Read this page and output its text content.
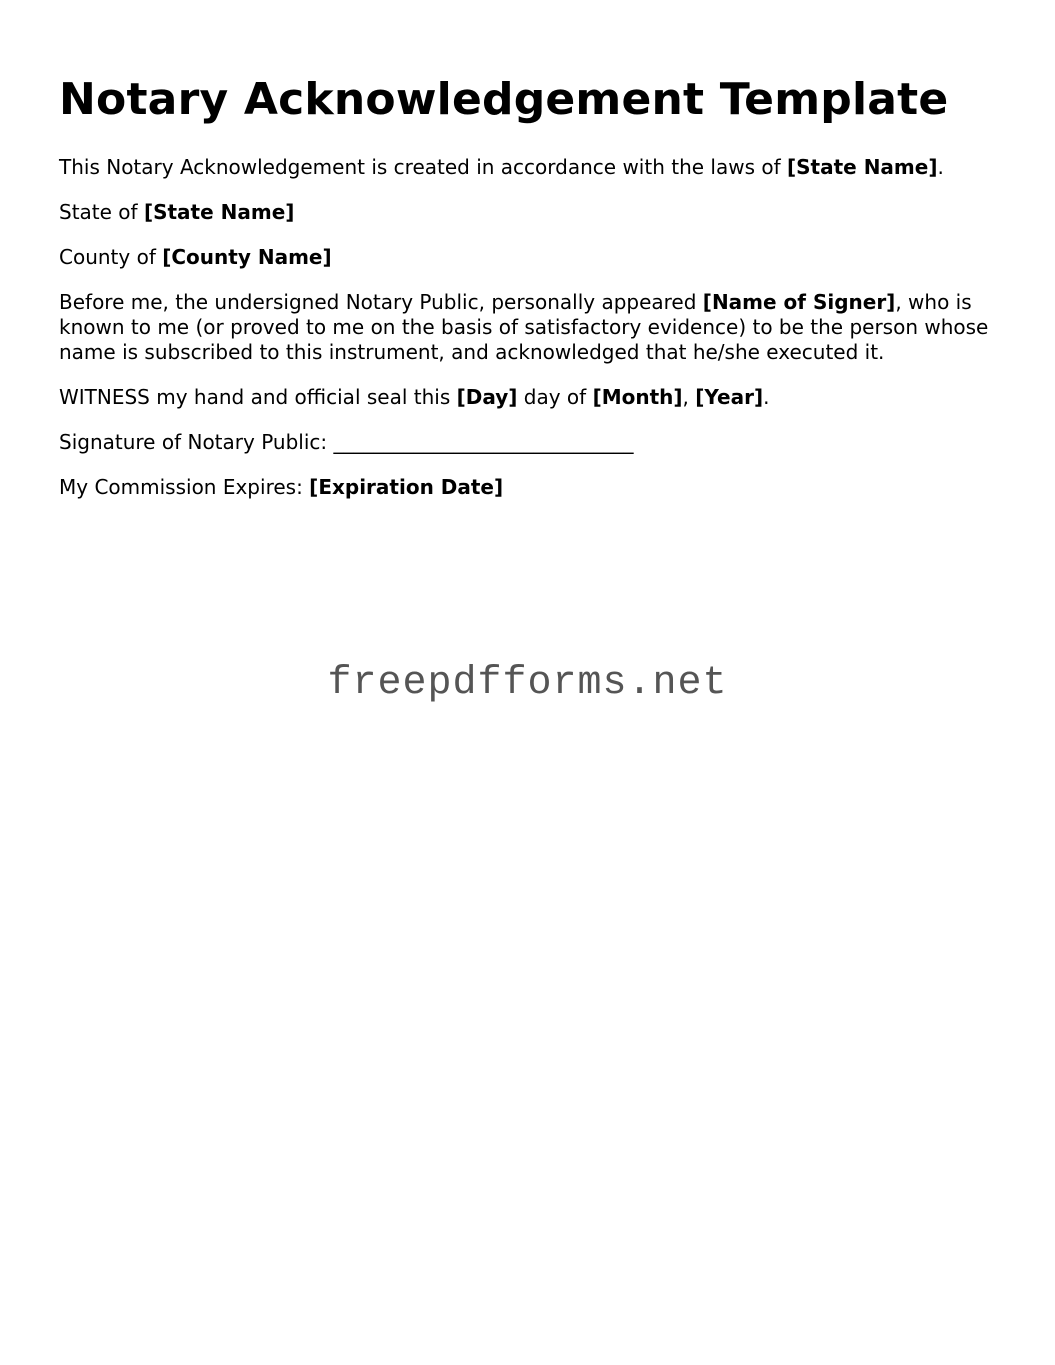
Notary Acknowledgement Template

This Notary Acknowledgement is created in accordance with the laws of [State Name].

State of [State Name]

County of [County Name]

Before me, the undersigned Notary Public, personally appeared [Name of Signer], who is known to me (or proved to me on the basis of satisfactory evidence) to be the person whose name is subscribed to this instrument, and acknowledged that he/she executed it.

WITNESS my hand and official seal this [Day] day of [Month], [Year].

Signature of Notary Public: ______________________________

My Commission Expires: [Expiration Date]

freepdfforms.net
